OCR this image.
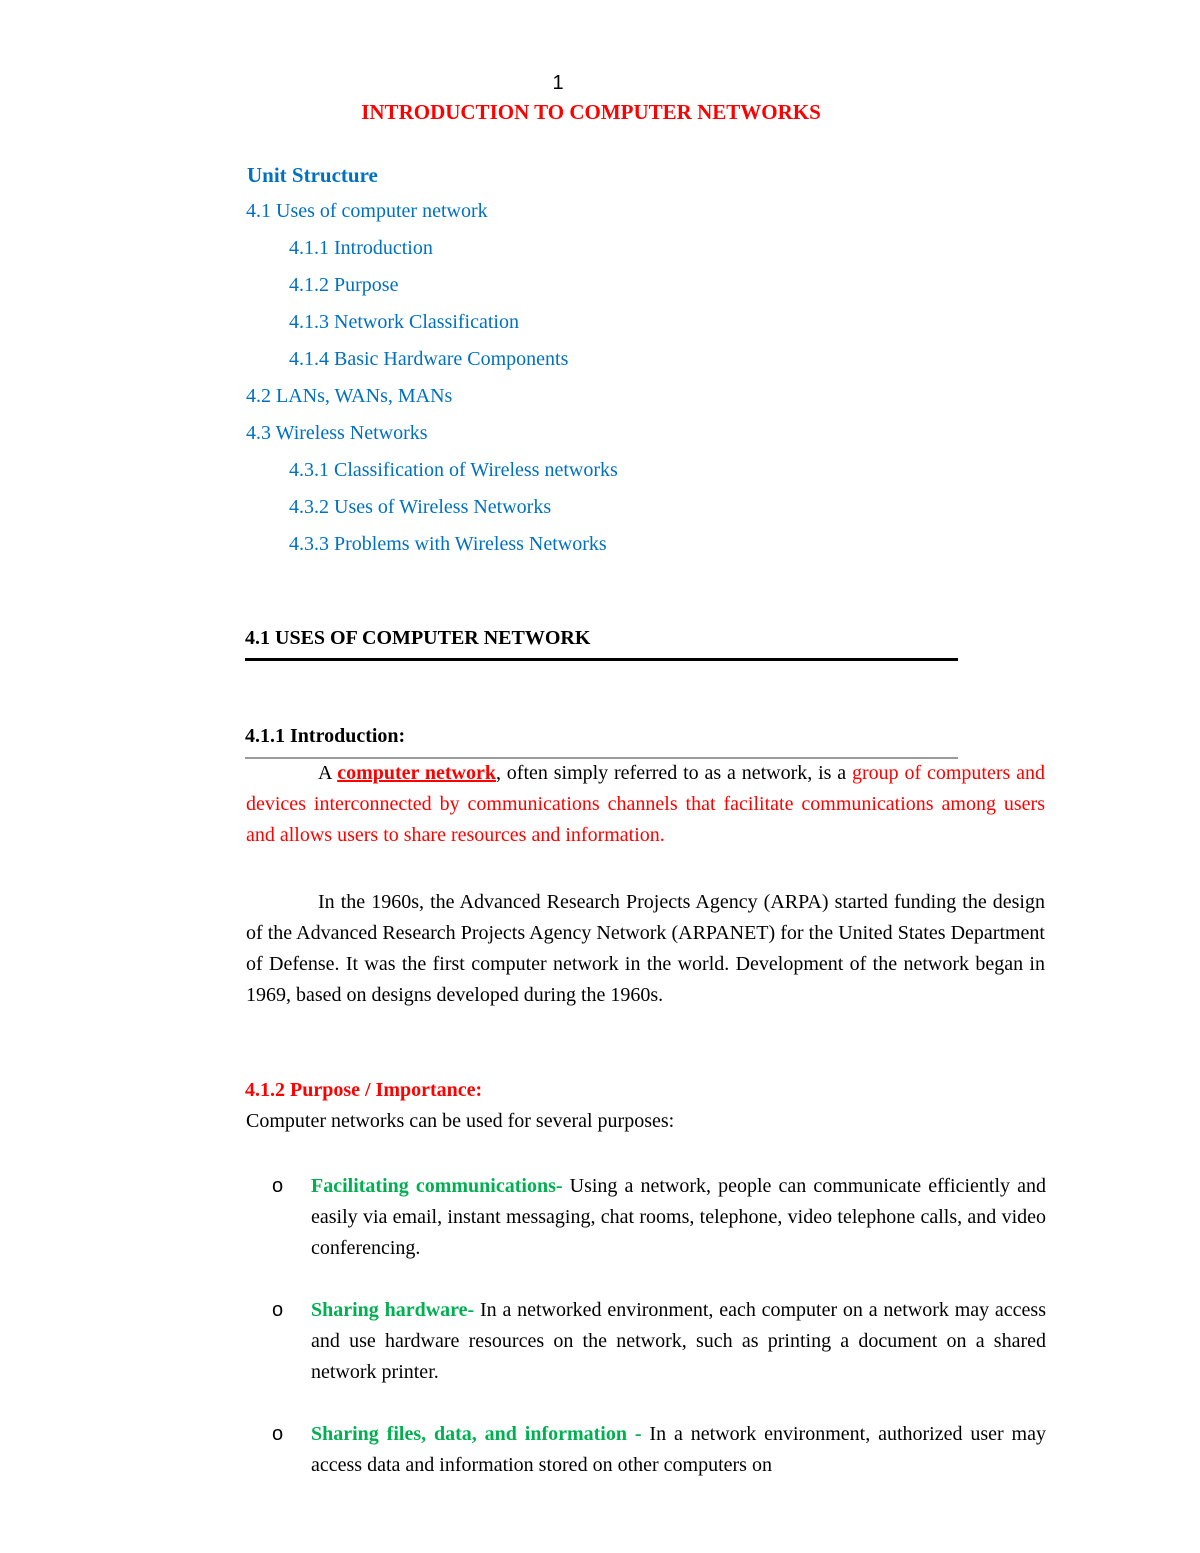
1
INTRODUCTION TO COMPUTER NETWORKS
Unit Structure
4.1 Uses of computer network
4.1.1 Introduction
4.1.2 Purpose
4.1.3 Network Classification
4.1.4 Basic Hardware Components
4.2 LANs, WANs, MANs
4.3 Wireless Networks
4.3.1 Classification of Wireless networks
4.3.2 Uses of Wireless Networks
4.3.3 Problems with Wireless Networks
4.1 USES OF COMPUTER NETWORK
4.1.1 Introduction:
A computer network, often simply referred to as a network, is a group of computers and devices interconnected by communications channels that facilitate communications among users and allows users to share resources and information.
In the 1960s, the Advanced Research Projects Agency (ARPA) started funding the design of the Advanced Research Projects Agency Network (ARPANET) for the United States Department of Defense. It was the first computer network in the world. Development of the network began in 1969, based on designs developed during the 1960s.
4.1.2 Purpose / Importance:
Computer networks can be used for several purposes:
o	Facilitating communications- Using a network, people can communicate efficiently and easily via email, instant messaging, chat rooms, telephone, video telephone calls, and video conferencing.
o	Sharing hardware- In a networked environment, each computer on a network may access and use hardware resources on the network, such as printing a document on a shared network printer.
o	Sharing files, data, and information - In a network environment, authorized user may access data and information stored on other computers on
